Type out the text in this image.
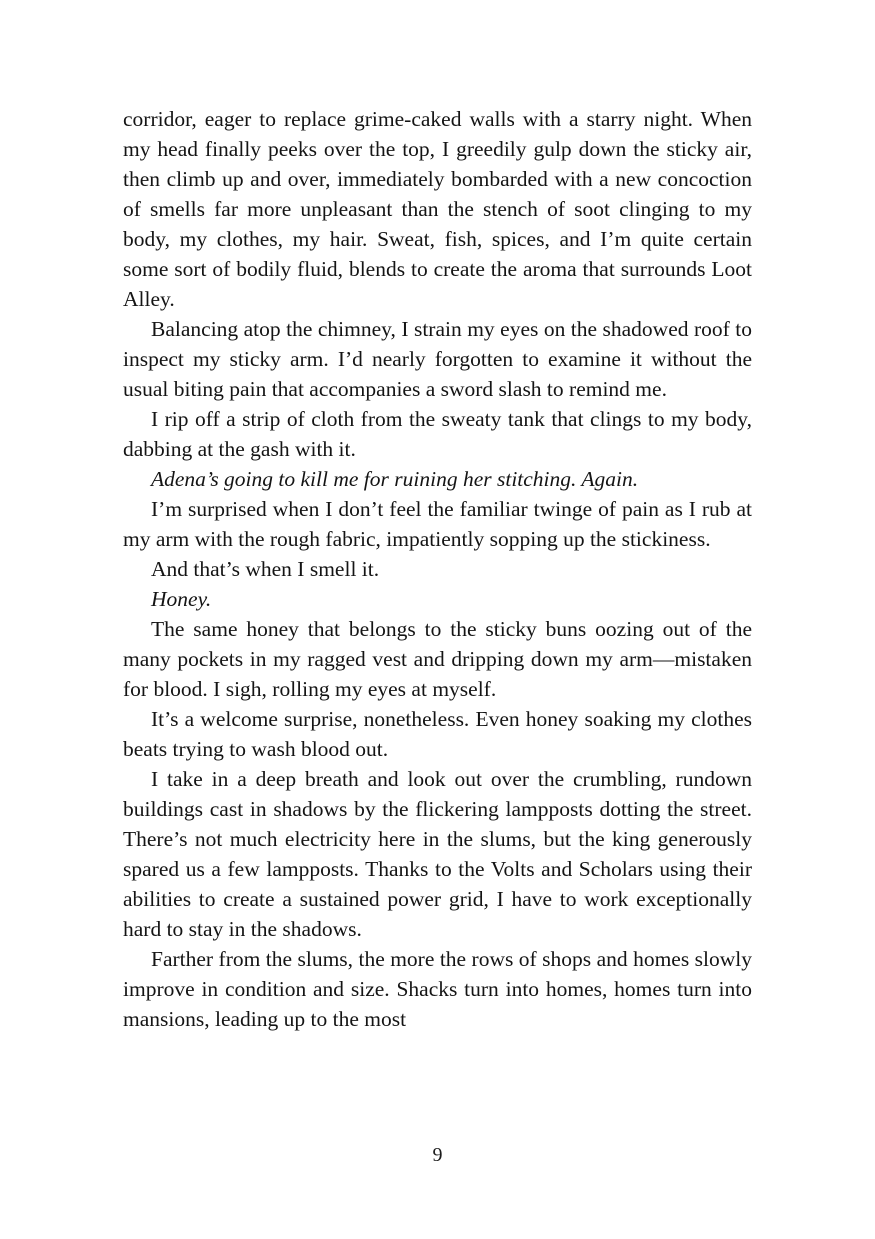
corridor, eager to replace grime-caked walls with a starry night. When my head finally peeks over the top, I greedily gulp down the sticky air, then climb up and over, immediately bombarded with a new concoction of smells far more unpleasant than the stench of soot clinging to my body, my clothes, my hair. Sweat, fish, spices, and I’m quite certain some sort of bodily fluid, blends to create the aroma that surrounds Loot Alley.

Balancing atop the chimney, I strain my eyes on the shadowed roof to inspect my sticky arm. I’d nearly forgotten to examine it without the usual biting pain that accompanies a sword slash to remind me.

I rip off a strip of cloth from the sweaty tank that clings to my body, dabbing at the gash with it.

Adena’s going to kill me for ruining her stitching. Again.

I’m surprised when I don’t feel the familiar twinge of pain as I rub at my arm with the rough fabric, impatiently sopping up the stickiness.

And that’s when I smell it.

Honey.

The same honey that belongs to the sticky buns oozing out of the many pockets in my ragged vest and dripping down my arm—mistaken for blood. I sigh, rolling my eyes at myself.

It’s a welcome surprise, nonetheless. Even honey soaking my clothes beats trying to wash blood out.

I take in a deep breath and look out over the crumbling, rundown buildings cast in shadows by the flickering lampposts dotting the street. There’s not much electricity here in the slums, but the king generously spared us a few lampposts. Thanks to the Volts and Scholars using their abilities to create a sustained power grid, I have to work exceptionally hard to stay in the shadows.

Farther from the slums, the more the rows of shops and homes slowly improve in condition and size. Shacks turn into homes, homes turn into mansions, leading up to the most

9
